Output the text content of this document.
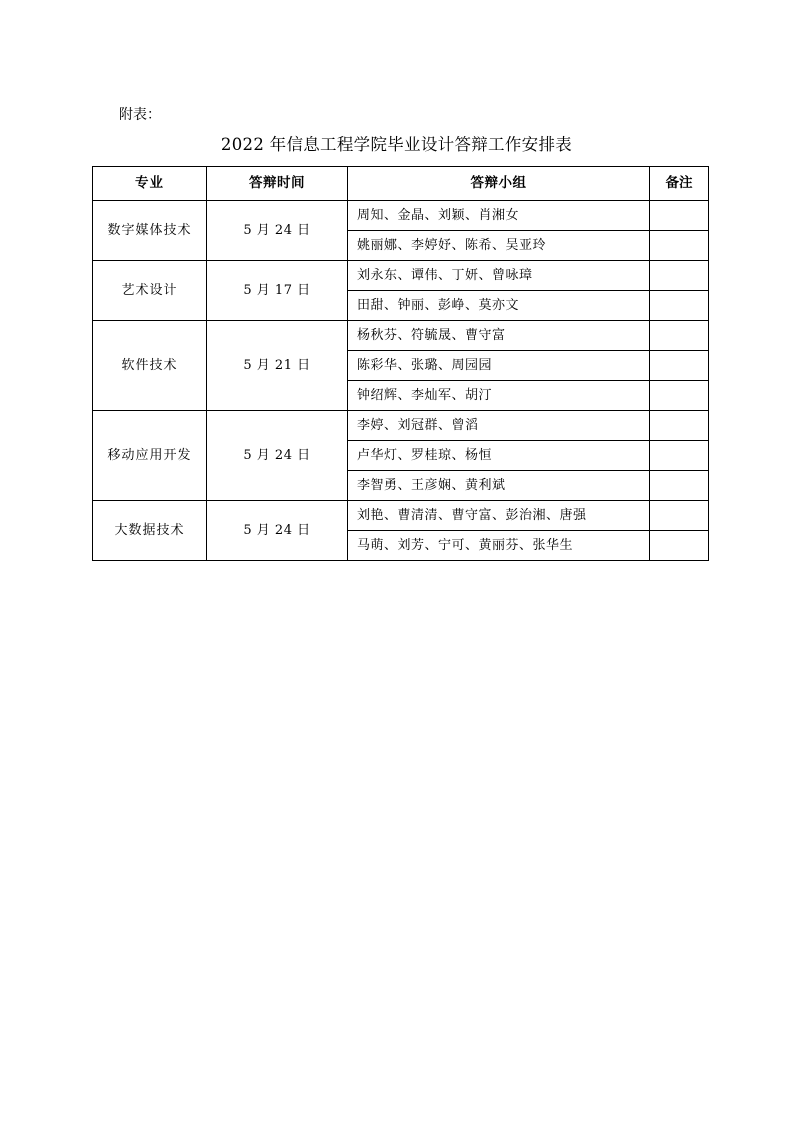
附表：
2022 年信息工程学院毕业设计答辩工作安排表
专业	答辩时间	答辩小组	备注
数字媒体技术	5 月 24 日	周知、金晶、刘颖、肖湘女	
		姚丽娜、李婷妤、陈希、吴亚玲	
艺术设计	5 月 17 日	刘永东、谭伟、丁妍、曾咏璋	
		田甜、钟丽、彭峥、莫亦文	
软件技术	5 月 21 日	杨秋芬、符毓晟、曹守富	
		陈彩华、张璐、周园园	
		钟绍辉、李灿军、胡汀	
移动应用开发	5 月 24 日	李婷、刘冠群、曾滔	
		卢华灯、罗桂琼、杨恒	
		李智勇、王彦娴、黄利斌	
大数据技术	5 月 24 日	刘艳、曹清清、曹守富、彭治湘、唐强	
		马萌、刘芳、宁可、黄丽芬、张华生	
